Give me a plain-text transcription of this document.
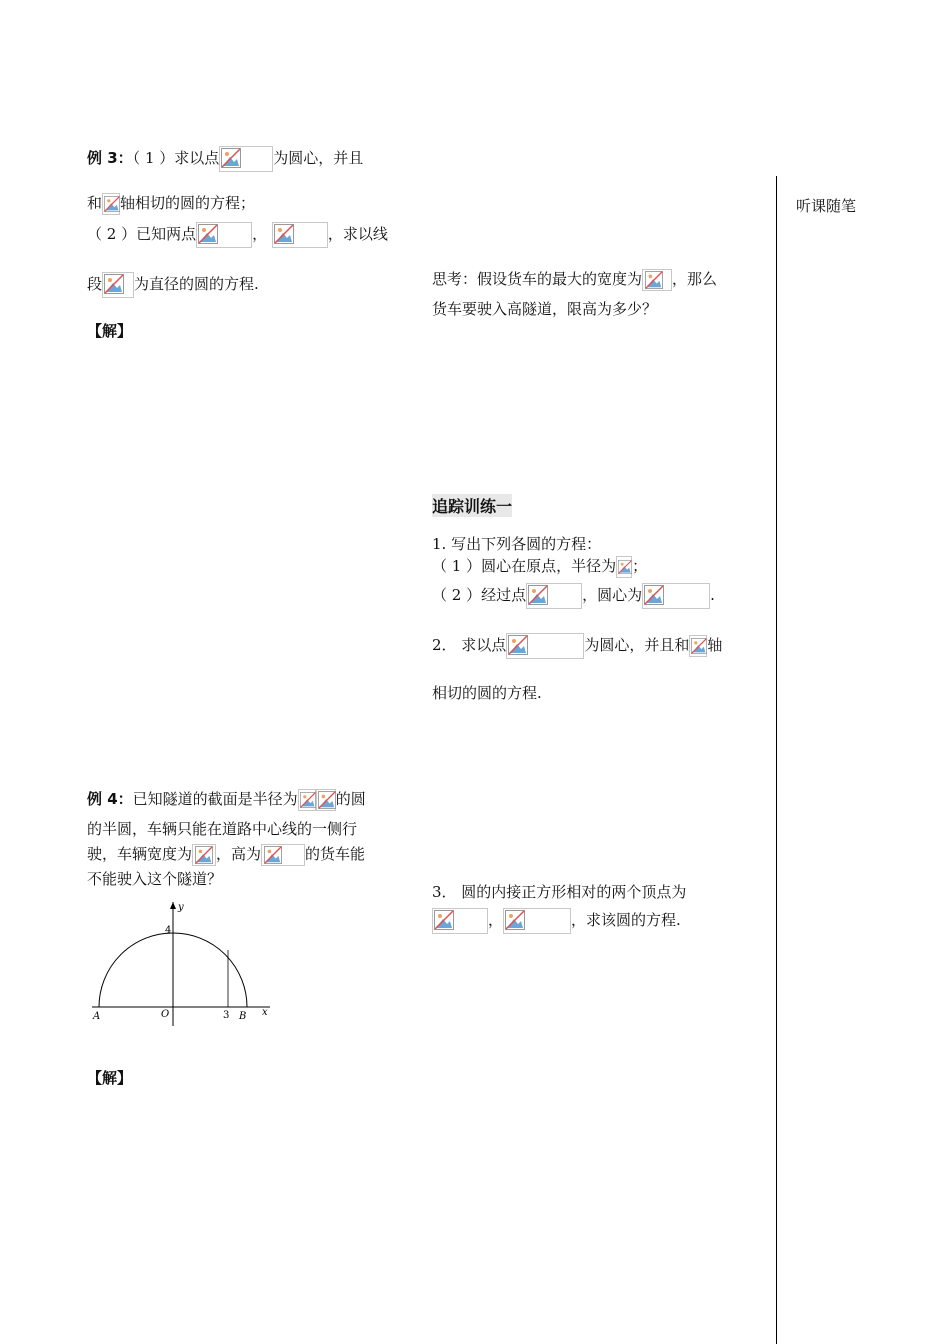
听课随笔
例 3：（ 1 ）求以点	为圆心，并且
和 轴相切的圆的方程；
（ 2 ）已知两点	，	，求以线
段 为直径的圆的方程.
【解】
思考：假设货车的最大的宽度为 ，那么
货车要驶入高隧道，限高为多少？
追踪训练一
1. 写出下列各圆的方程：
（ 1 ）圆心在原点，半径为 ；
（ 2 ）经过点	，圆心为	.
2． 求以点	为圆心，并且和 轴
相切的圆的方程.
3． 圆的内接正方形相对的两个顶点为
，	，求该圆的方程.
例 4：已知隧道的截面是半径为	的圆
的半圆，车辆只能在道路中心线的一侧行
驶，车辆宽度为 ，高为	的货车能
不能驶入这个隧道？
y
4
O
A	3 B x
【解】
